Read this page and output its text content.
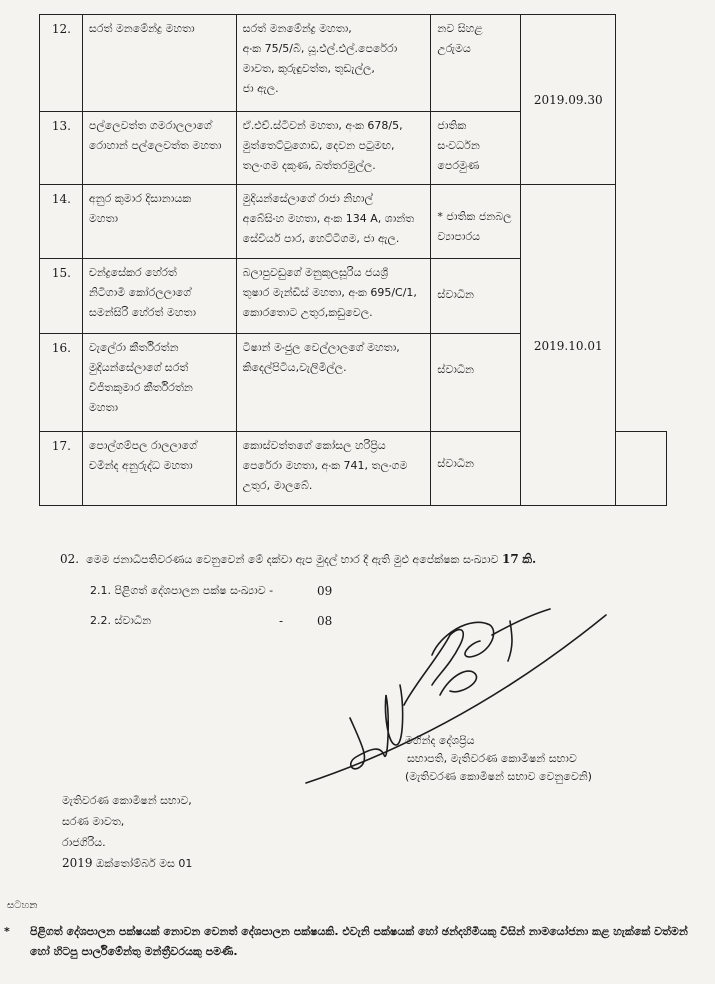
12.	සරත් මනමේන්ද්‍ර මහතා	සරත් මනමේන්ද්‍ර මහතා,
අංක 75/5/බී, යූ.එල්.එල්.පෙරේරා
මාවත, කුරුඳුවත්ත, තුඩැල්ල,
ජා ඇල.	නව සිහළ
උරුමය	2019.09.30	
13.	පල්ලෙවත්ත ගමරාලලාගේ
රොහාන් පල්ලෙවත්ත මහතා	ඒ.එච්.ස්ටීවන් මහතා, අංක 678/5,
මුත්තෙට්ටුගොඩ, දෙවන පටුමඟ,
තලංගම දකුණ, බත්තරමුල්ල.	ජාතික
සංවර්ධන
පෙරමුණ		

14.	අනුර කුමාර දිසානායක
මහතා	මුදියන්සේලාගේ රාජා නිහාල්
අබේසිංහ මහතා, අංක 134 A, ශාන්ත
සේවියර් පාර, හෙට්ටිගම, ජා ඇල.	* ජාතික ජනබල
ව්‍යාපාරය	2019.10.01	
15.	චන්ද්‍රසේකර හේරත්
නිටිගාමි කෝරලලාගේ
සමන්සිරි හේරත් මහතා	බලාපුවඩුගේ මනුකුලසූරිය ජයශ්‍රී
තුෂාර මැන්ඩිස් මහතා, අංක 695/C/1,
කොරතොට උතුර,කඩුවෙල.	ස්වාධීන		

16.	වැලේරා කීර්තිරත්න
මුදියන්සේලාගේ සරත්
විජිතකුමාර කීර්තිරත්න
මහතා	ටිෂාන් මංජුල වෙල්ලාලගේ මහතා,
කිදෙල්පිටිය,වැලිමිල්ල.	ස්වාධීන		

17.	පොල්ගම්පල රාලලාගේ
චමින්ද අනුරුද්ධ මහතා	කොස්වත්තගේ කෝසල හරිප්‍රිය
පෙරේරා මහතා, අංක 741, තලංගම
උතුර, මාලබේ.	ස්වාධීන		

02. මෙම ජනාධිපතිවරණය වෙනුවෙන් මේ දක්වා ඇප මුදල් භාර දී ඇති මුළු අපේක්ෂක සංඛ්‍යාව 17 කි.
2.1. පිළිගත් දේශපාලන පක්ෂ සංඛ්‍යාව -	09
2.2. ස්වාධීන	-	08
මහින්ද දේශප්‍රිය
සභාපති, මැතිවරණ කොමිෂන් සභාව
(මැතිවරණ කොමිෂන් සභාව වෙනුවෙනි)
මැතිවරණ කොමිෂන් සභාව,
සරණ මාවත,
රාජගිරිය.
2019 ඔක්තෝම්බර් මස 01
සටහන
* පිළිගත් දේශපාලන පක්ෂයක් නොවන වෙනත් දේශපාලන පක්ෂයකි. එවැනි පක්ෂයක් හෝ ඡන්දහිමියකු විසින් නාමයෝජනා කළ හැක්කේ වත්මන් හෝ හිටපු පාර්ලිමේන්තු මන්ත්‍රීවරයකු පමණි.
